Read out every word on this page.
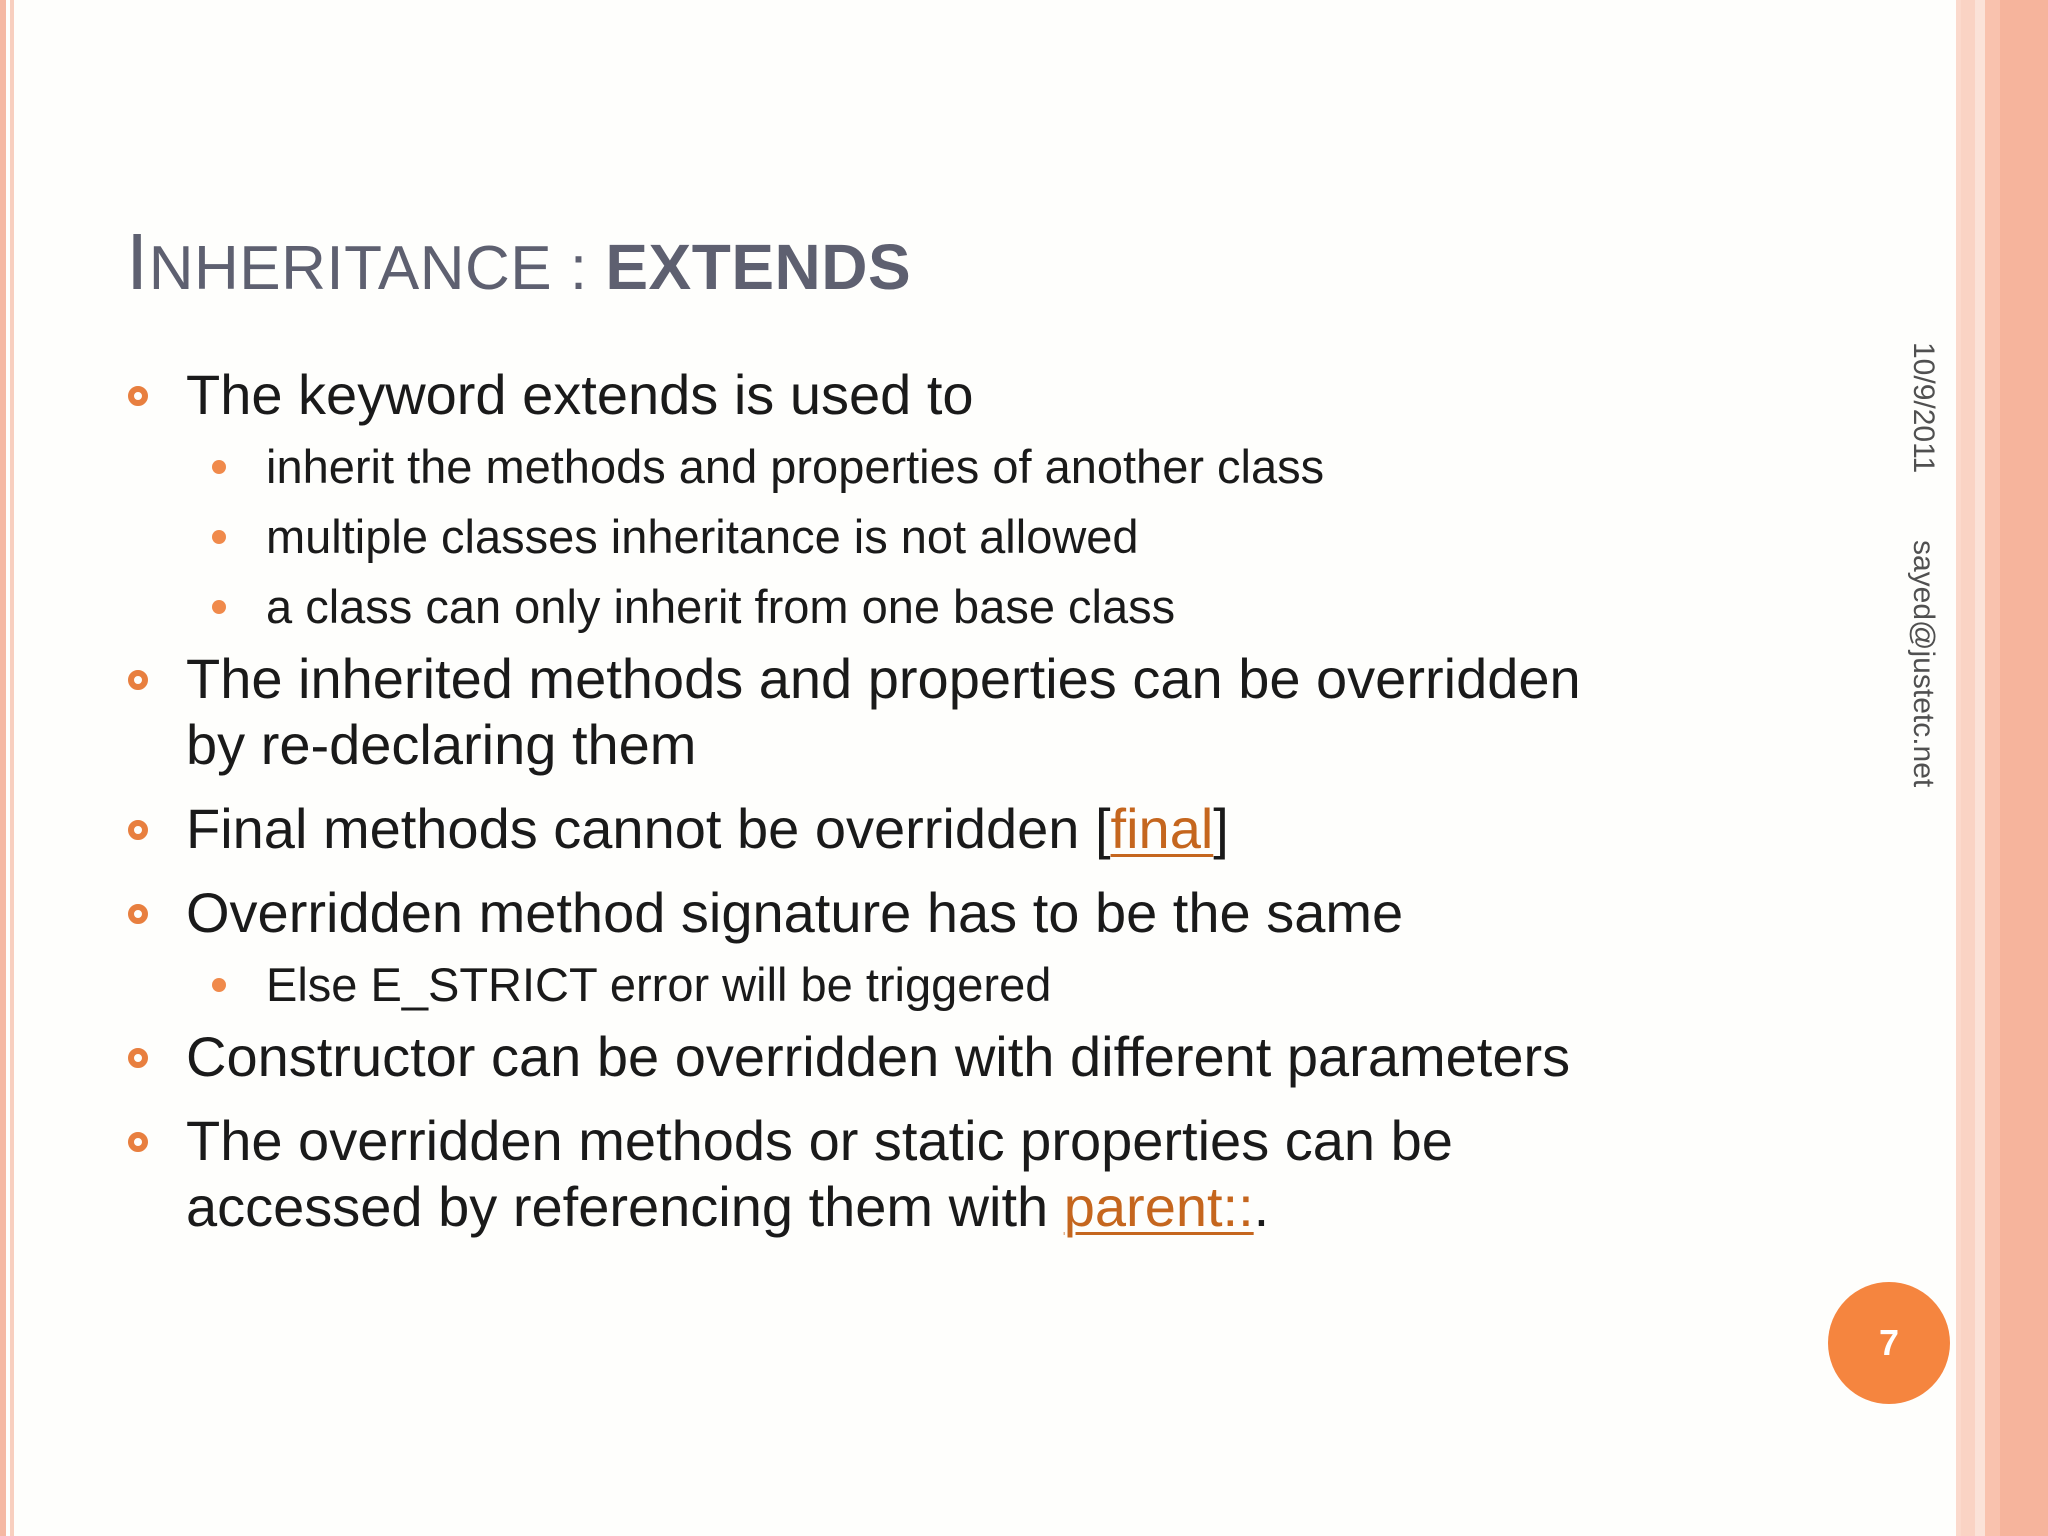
INHERITANCE : EXTENDS
10/9/2011
sayed@justetc.net
The keyword extends is used to
inherit the methods and properties of another class
multiple classes inheritance is not allowed
a class can only inherit from one base class
The inherited methods and properties can be overridden
by re-declaring them
Final methods cannot be overridden [final]
Overridden method signature has to be the same
Else E_STRICT error will be triggered
Constructor can be overridden with different parameters
The overridden methods or static properties can be
accessed by referencing them with parent::.
7
